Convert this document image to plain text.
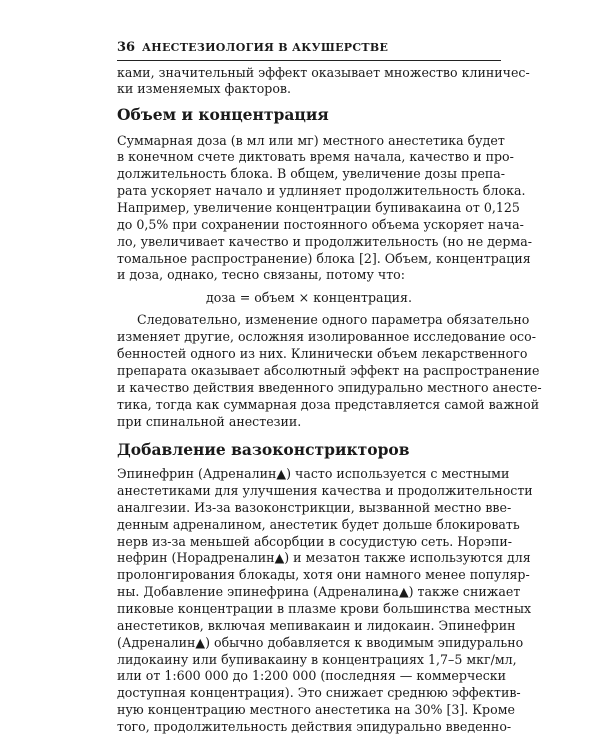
36 АНЕСТЕЗИОЛОГИЯ В АКУШЕРСТВЕ
ками, значительный эффект оказывает множество клиничес-
ки изменяемых факторов.
Объем и концентрация
Суммарная доза (в мл или мг) местного анестетика будет
в конечном счете диктовать время начала, качество и про-
должительность блока. В общем, увеличение дозы препа-
рата ускоряет начало и удлиняет продолжительность блока.
Например, увеличение концентрации бупивакаина от 0,125
до 0,5% при сохранении постоянного объема ускоряет нача-
ло, увеличивает качество и продолжительность (но не дерма-
томальное распространение) блока [2]. Объем, концентрация
и доза, однако, тесно связаны, потому что:
доза = объем × концентрация.
Следовательно, изменение одного параметра обязательно
изменяет другие, осложняя изолированное исследование осо-
бенностей одного из них. Клинически объем лекарственного
препарата оказывает абсолютный эффект на распространение
и качество действия введенного эпидурально местного анесте-
тика, тогда как суммарная доза представляется самой важной
при спинальной анестезии.
Добавление вазоконстрикторов
Эпинефрин (Адреналин▲) часто используется с местными
анестетиками для улучшения качества и продолжительности
аналгезии. Из-за вазоконстрикции, вызванной местно вве-
денным адреналином, анестетик будет дольше блокировать
нерв из-за меньшей абсорбции в сосудистую сеть. Норэпи-
нефрин (Норадреналин▲) и мезатон также используются для
пролонгирования блокады, хотя они намного менее популяр-
ны. Добавление эпинефрина (Адреналина▲) также снижает
пиковые концентрации в плазме крови большинства местных
анестетиков, включая мепивакаин и лидокаин. Эпинефрин
(Адреналин▲) обычно добавляется к вводимым эпидурально
лидокаину или бупивакаину в концентрациях 1,7–5 мкг/мл,
или от 1:600 000 до 1:200 000 (последняя — коммерчески
доступная концентрация). Это снижает среднюю эффектив-
ную концентрацию местного анестетика на 30% [3]. Кроме
того, продолжительность действия эпидурально введенно-
